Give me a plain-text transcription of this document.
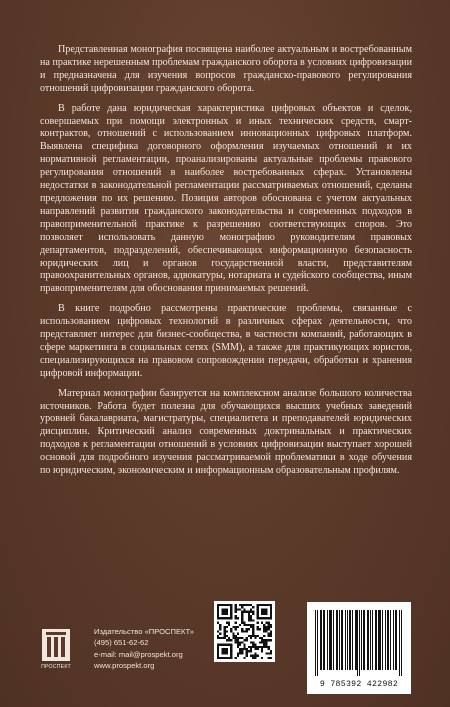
Представленная монография посвящена наиболее актуальным и востребованным на практике нерешенным проблемам гражданского оборота в условиях цифровизации и предназначена для изучения вопросов гражданско-правового регулирования отношений цифровизации гражданского оборота.

В работе дана юридическая характеристика цифровых объектов и сделок, совершаемых при помощи электронных и иных технических средств, смарт-контрактов, отношений с использованием инновационных цифровых платформ. Выявлена специфика договорного оформления изучаемых отношений и их нормативной регламентации, проанализированы актуальные проблемы правового регулирования отношений в наиболее востребованных сферах. Установлены недостатки в законодательной регламентации рассматриваемых отношений, сделаны предложения по их решению. Позиция авторов обоснована с учетом актуальных направлений развития гражданского законодательства и современных подходов в правоприменительной практике к разрешению соответствующих споров. Это позволяет использовать данную монографию руководителям правовых департаментов, подразделений, обеспечивающих информационную безопасность юридических лиц и органов государственной власти, представителям правоохранительных органов, адвокатуры, нотариата и судейского сообщества, иным правоприменителям для обоснования принимаемых решений.

В книге подробно рассмотрены практические проблемы, связанные с использованием цифровых технологий в различных сферах деятельности, что представляет интерес для бизнес-сообщества, в частности компаний, работающих в сфере маркетинга в социальных сетях (SMM), а также для практикующих юристов, специализирующихся на правовом сопровождении передачи, обработки и хранения цифровой информации.

Материал монографии базируется на комплексном анализе большого количества источников. Работа будет полезна для обучающихся высших учебных заведений уровней бакалавриата, магистратуры, специалитета и преподавателей юридических дисциплин. Критический анализ современных доктринальных и практических подходов к регламентации отношений в условиях цифровизации выступает хорошей основой для подробного изучения рассматриваемой проблематики в ходе обучения по юридическим, экономическим и информационным образовательным профилям.

ПРОСПЕКТ
Издательство «ПРОСПЕКТ»
(495) 651-62-62
e-mail: mail@prospekt.org
www.prospekt.org
9 785392 422982
